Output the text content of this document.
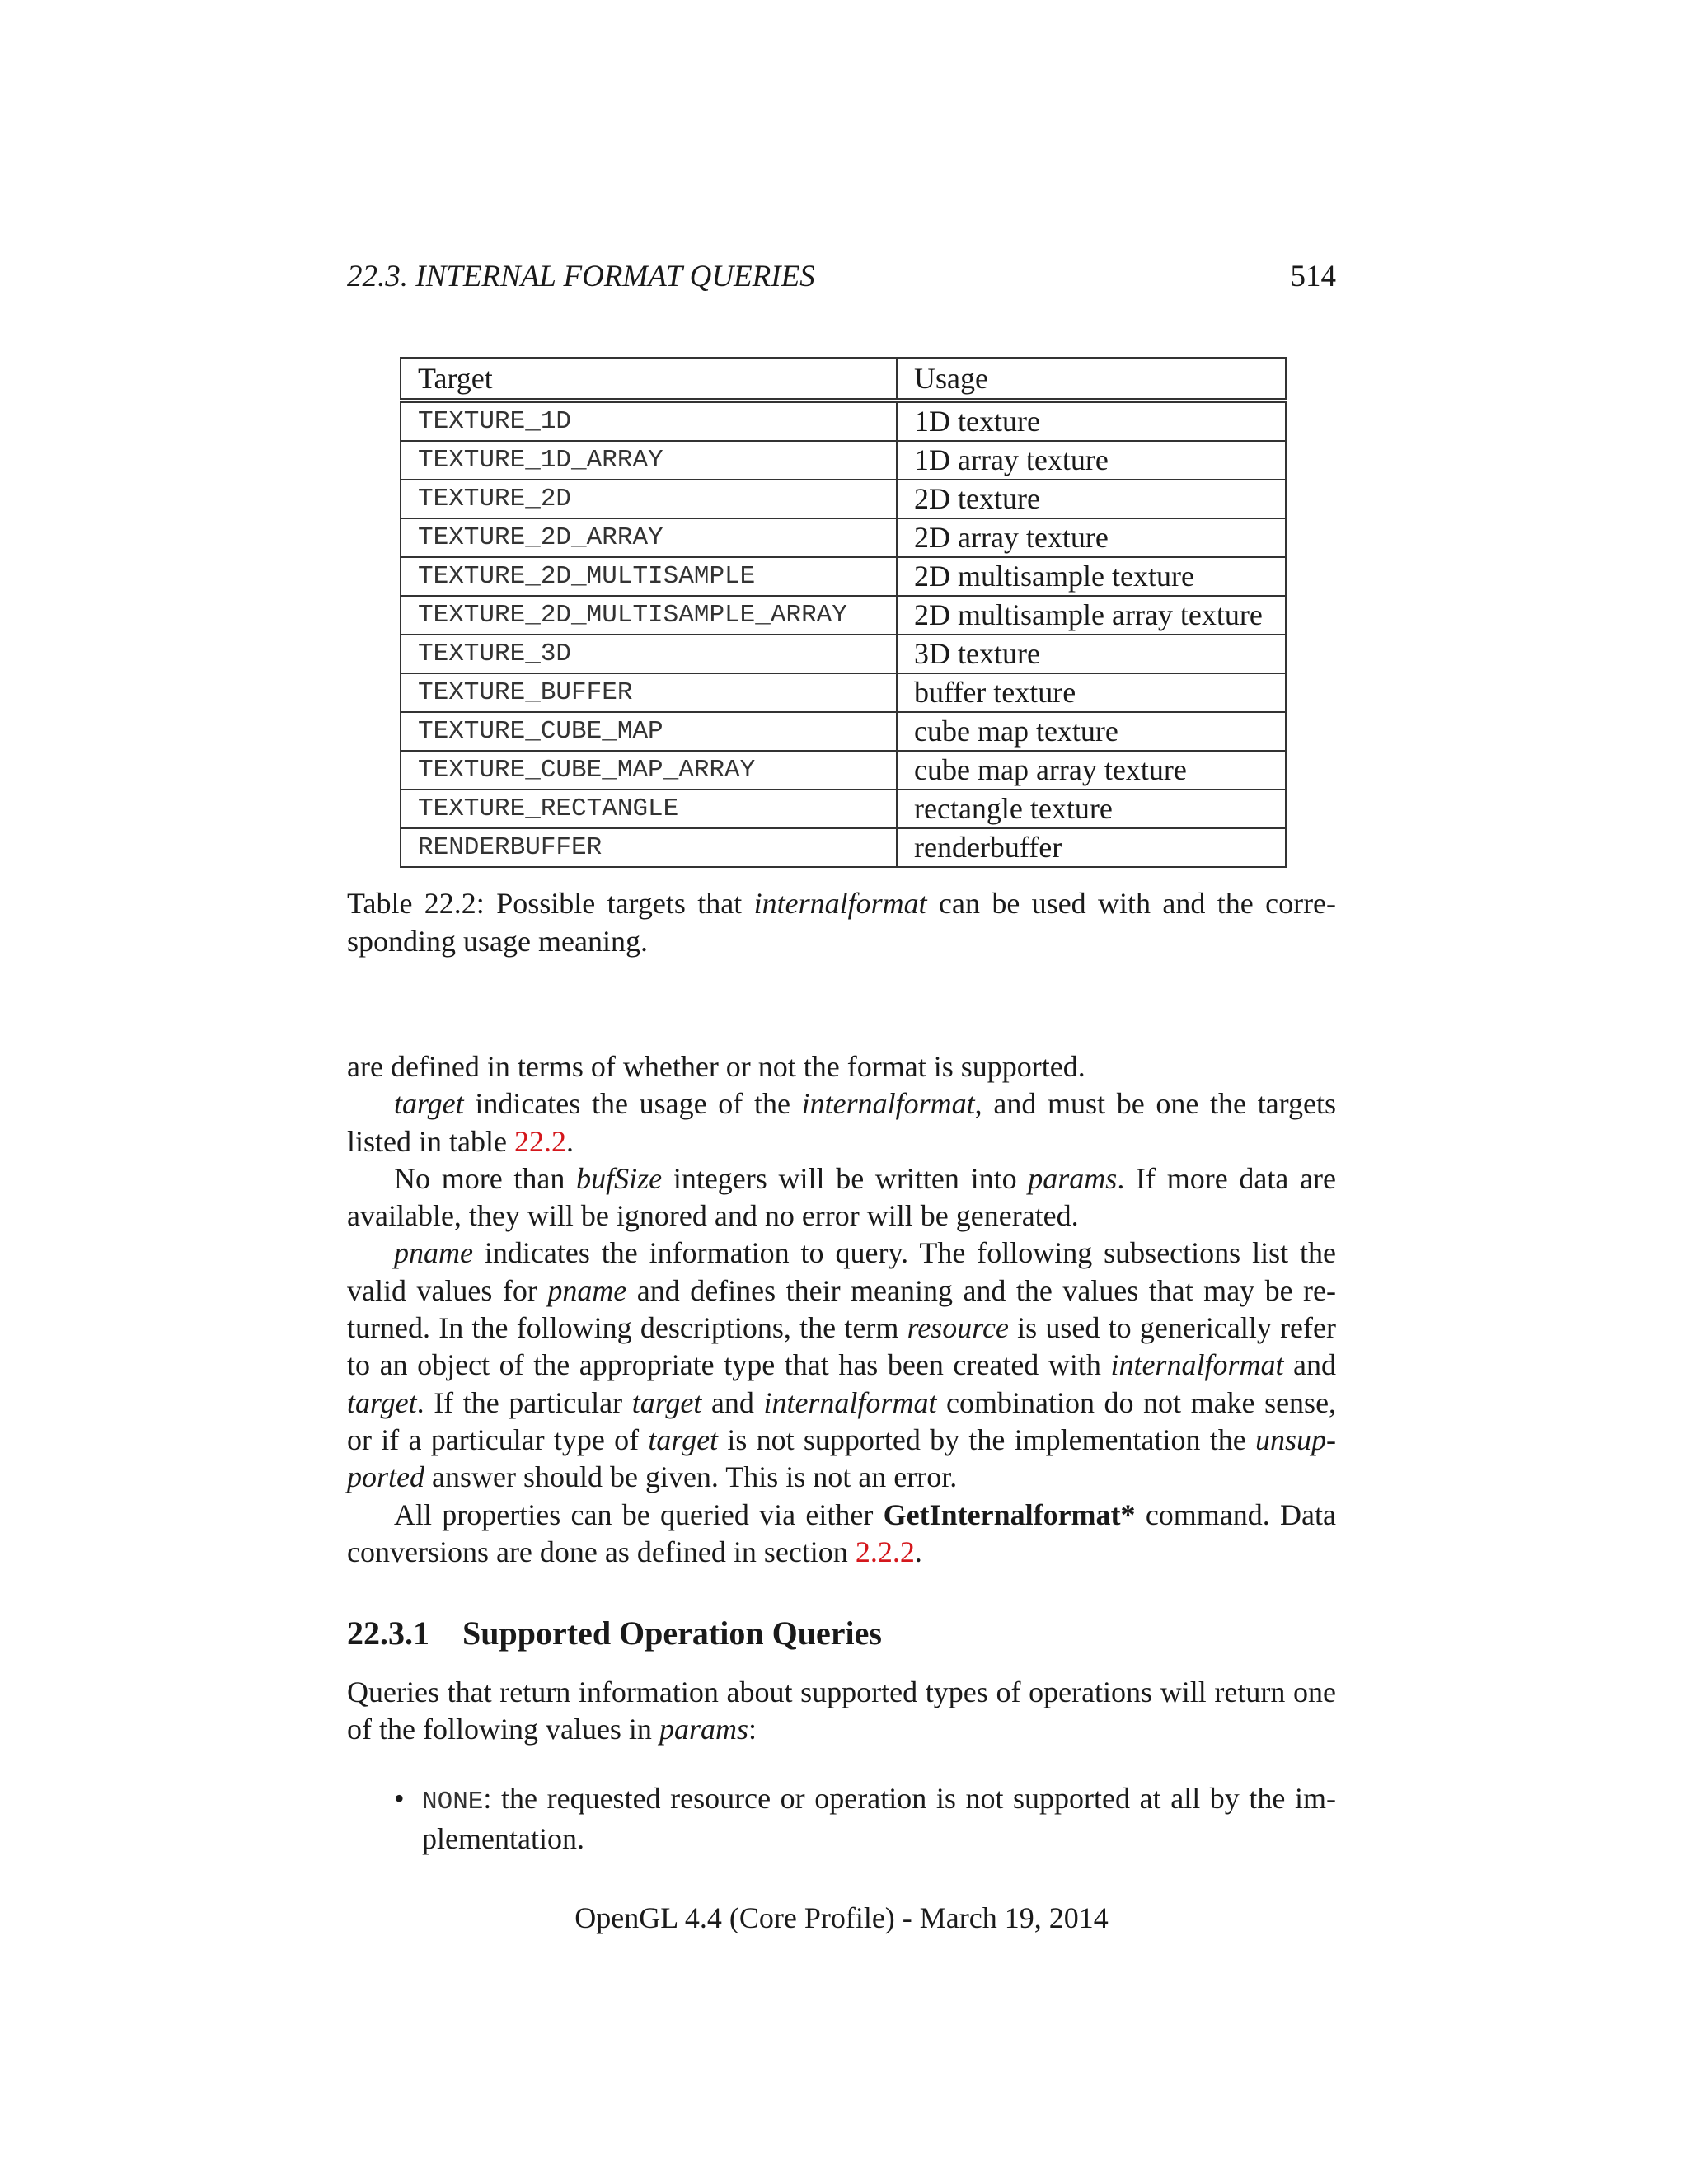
22.3. INTERNAL FORMAT QUERIES	514
Target	Usage
TEXTURE_1D	1D texture
TEXTURE_1D_ARRAY	1D array texture
TEXTURE_2D	2D texture
TEXTURE_2D_ARRAY	2D array texture
TEXTURE_2D_MULTISAMPLE	2D multisample texture
TEXTURE_2D_MULTISAMPLE_ARRAY	2D multisample array texture
TEXTURE_3D	3D texture
TEXTURE_BUFFER	buffer texture
TEXTURE_CUBE_MAP	cube map texture
TEXTURE_CUBE_MAP_ARRAY	cube map array texture
TEXTURE_RECTANGLE	rectangle texture
RENDERBUFFER	renderbuffer
Table 22.2: Possible targets that internalformat can be used with and the corre- sponding usage meaning.

are defined in terms of whether or not the format is supported.

target indicates the usage of the internalformat, and must be one the targets listed in table 22.2.

No more than bufSize integers will be written into params. If more data are available, they will be ignored and no error will be generated.

pname indicates the information to query. The following subsections list the valid values for pname and defines their meaning and the values that may be re- turned. In the following descriptions, the term resource is used to generically refer to an object of the appropriate type that has been created with internalformat and target. If the particular target and internalformat combination do not make sense, or if a particular type of target is not supported by the implementation the unsup- ported answer should be given. This is not an error.

All properties can be queried via either GetInternalformat* command. Data conversions are done as defined in section 2.2.2.

22.3.1 Supported Operation Queries
Queries that return information about supported types of operations will return one of the following values in params:
• NONE: the requested resource or operation is not supported at all by the im- plementation.
OpenGL 4.4 (Core Profile) - March 19, 2014
